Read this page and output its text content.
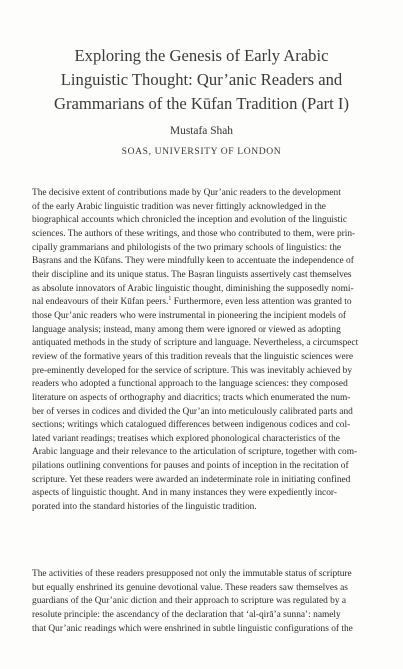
Exploring the Genesis of Early Arabic
Linguistic Thought: Qur’anic Readers and
Grammarians of the Kūfan Tradition (Part I)
Mustafa Shah
SOAS, UNIVERSITY OF LONDON
The decisive extent of contributions made by Qur’anic readers to the development
of the early Arabic linguistic tradition was never fittingly acknowledged in the
biographical accounts which chronicled the inception and evolution of the linguistic
sciences. The authors of these writings, and those who contributed to them, were prin-
cipally grammarians and philologists of the two primary schools of linguistics: the
Baṣrans and the Kūfans. They were mindfully keen to accentuate the independence of
their discipline and its unique status. The Baṣran linguists assertively cast themselves
as absolute innovators of Arabic linguistic thought, diminishing the supposedly nomi-
nal endeavours of their Kūfan peers.$^1$ Furthermore, even less attention was granted to
those Qur’anic readers who were instrumental in pioneering the incipient models of
language analysis; instead, many among them were ignored or viewed as adopting
antiquated methods in the study of scripture and language. Nevertheless, a circumspect
review of the formative years of this tradition reveals that the linguistic sciences were
pre-eminently developed for the service of scripture. This was inevitably achieved by
readers who adopted a functional approach to the language sciences: they composed
literature on aspects of orthography and diacritics; tracts which enumerated the num-
ber of verses in codices and divided the Qur’an into meticulously calibrated parts and
sections; writings which catalogued differences between indigenous codices and col-
lated variant readings; treatises which explored phonological characteristics of the
Arabic language and their relevance to the articulation of scripture, together with com-
pilations outlining conventions for pauses and points of inception in the recitation of
scripture. Yet these readers were awarded an indeterminate role in initiating confined
aspects of linguistic thought. And in many instances they were expediently incor-
porated into the standard histories of the linguistic tradition.
The activities of these readers presupposed not only the immutable status of scripture
but equally enshrined its genuine devotional value. These readers saw themselves as
guardians of the Qur’anic diction and their approach to scripture was regulated by a
resolute principle: the ascendancy of the declaration that ‘al-qirā’a sunna’: namely
that Qur’anic readings which were enshrined in subtle linguistic configurations of the
